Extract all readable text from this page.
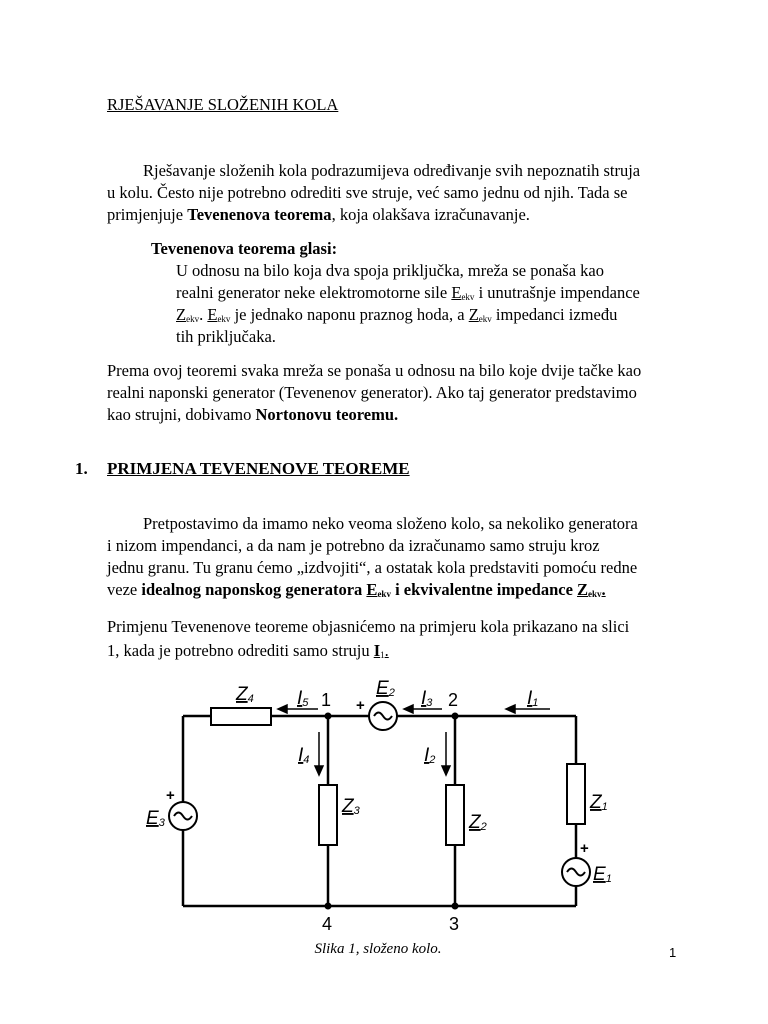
RJEŠAVANJE SLOŽENIH KOLA
Rješavanje složenih kola podrazumijeva određivanje svih nepoznatih struja
u kolu. Često nije potrebno odrediti sve struje, već samo jednu od njih. Tada se
primjenjuje Tevenenova teorema, koja olakšava izračunavanje.
Tevenenova teorema glasi:
U odnosu na bilo koja dva spoja priključka, mreža se ponaša kao
realni generator neke elektromotorne sile $E_{ekv}$ i unutrašnje impendance
$Z_{ekv}$. $E_{ekv}$ je jednako naponu praznog hoda, a $Z_{ekv}$ impedanci između
tih priključaka.
Prema ovoj teoremi svaka mreža se ponaša u odnosu na bilo koje dvije tačke kao
realni naponski generator (Tevenenov generator). Ako taj generator predstavimo
kao strujni, dobivamo Nortonovu teoremu.
1. PRIMJENA TEVENENOVE TEOREME
Pretpostavimo da imamo neko veoma složeno kolo, sa nekoliko generatora
i nizom impendanci, a da nam je potrebno da izračunamo samo struju kroz
jednu granu. Tu granu ćemo „izdvojiti“, a ostatak kola predstaviti pomoću redne
veze idealnog naponskog generatora $E_{ekv}$ i ekvivalentne impedance $Z_{ekv}$.
Primjenu Tevenenove teoreme objasnićemo na primjeru kola prikazano na slici
1, kada je potrebno odrediti samo struju $I_1$.
Z4 I5
E2 I3	I1
I4	I2
Z3
Z2
Z1
E3
E1
1	2
4	3
+
+
+
Slika 1, složeno kolo.	1
